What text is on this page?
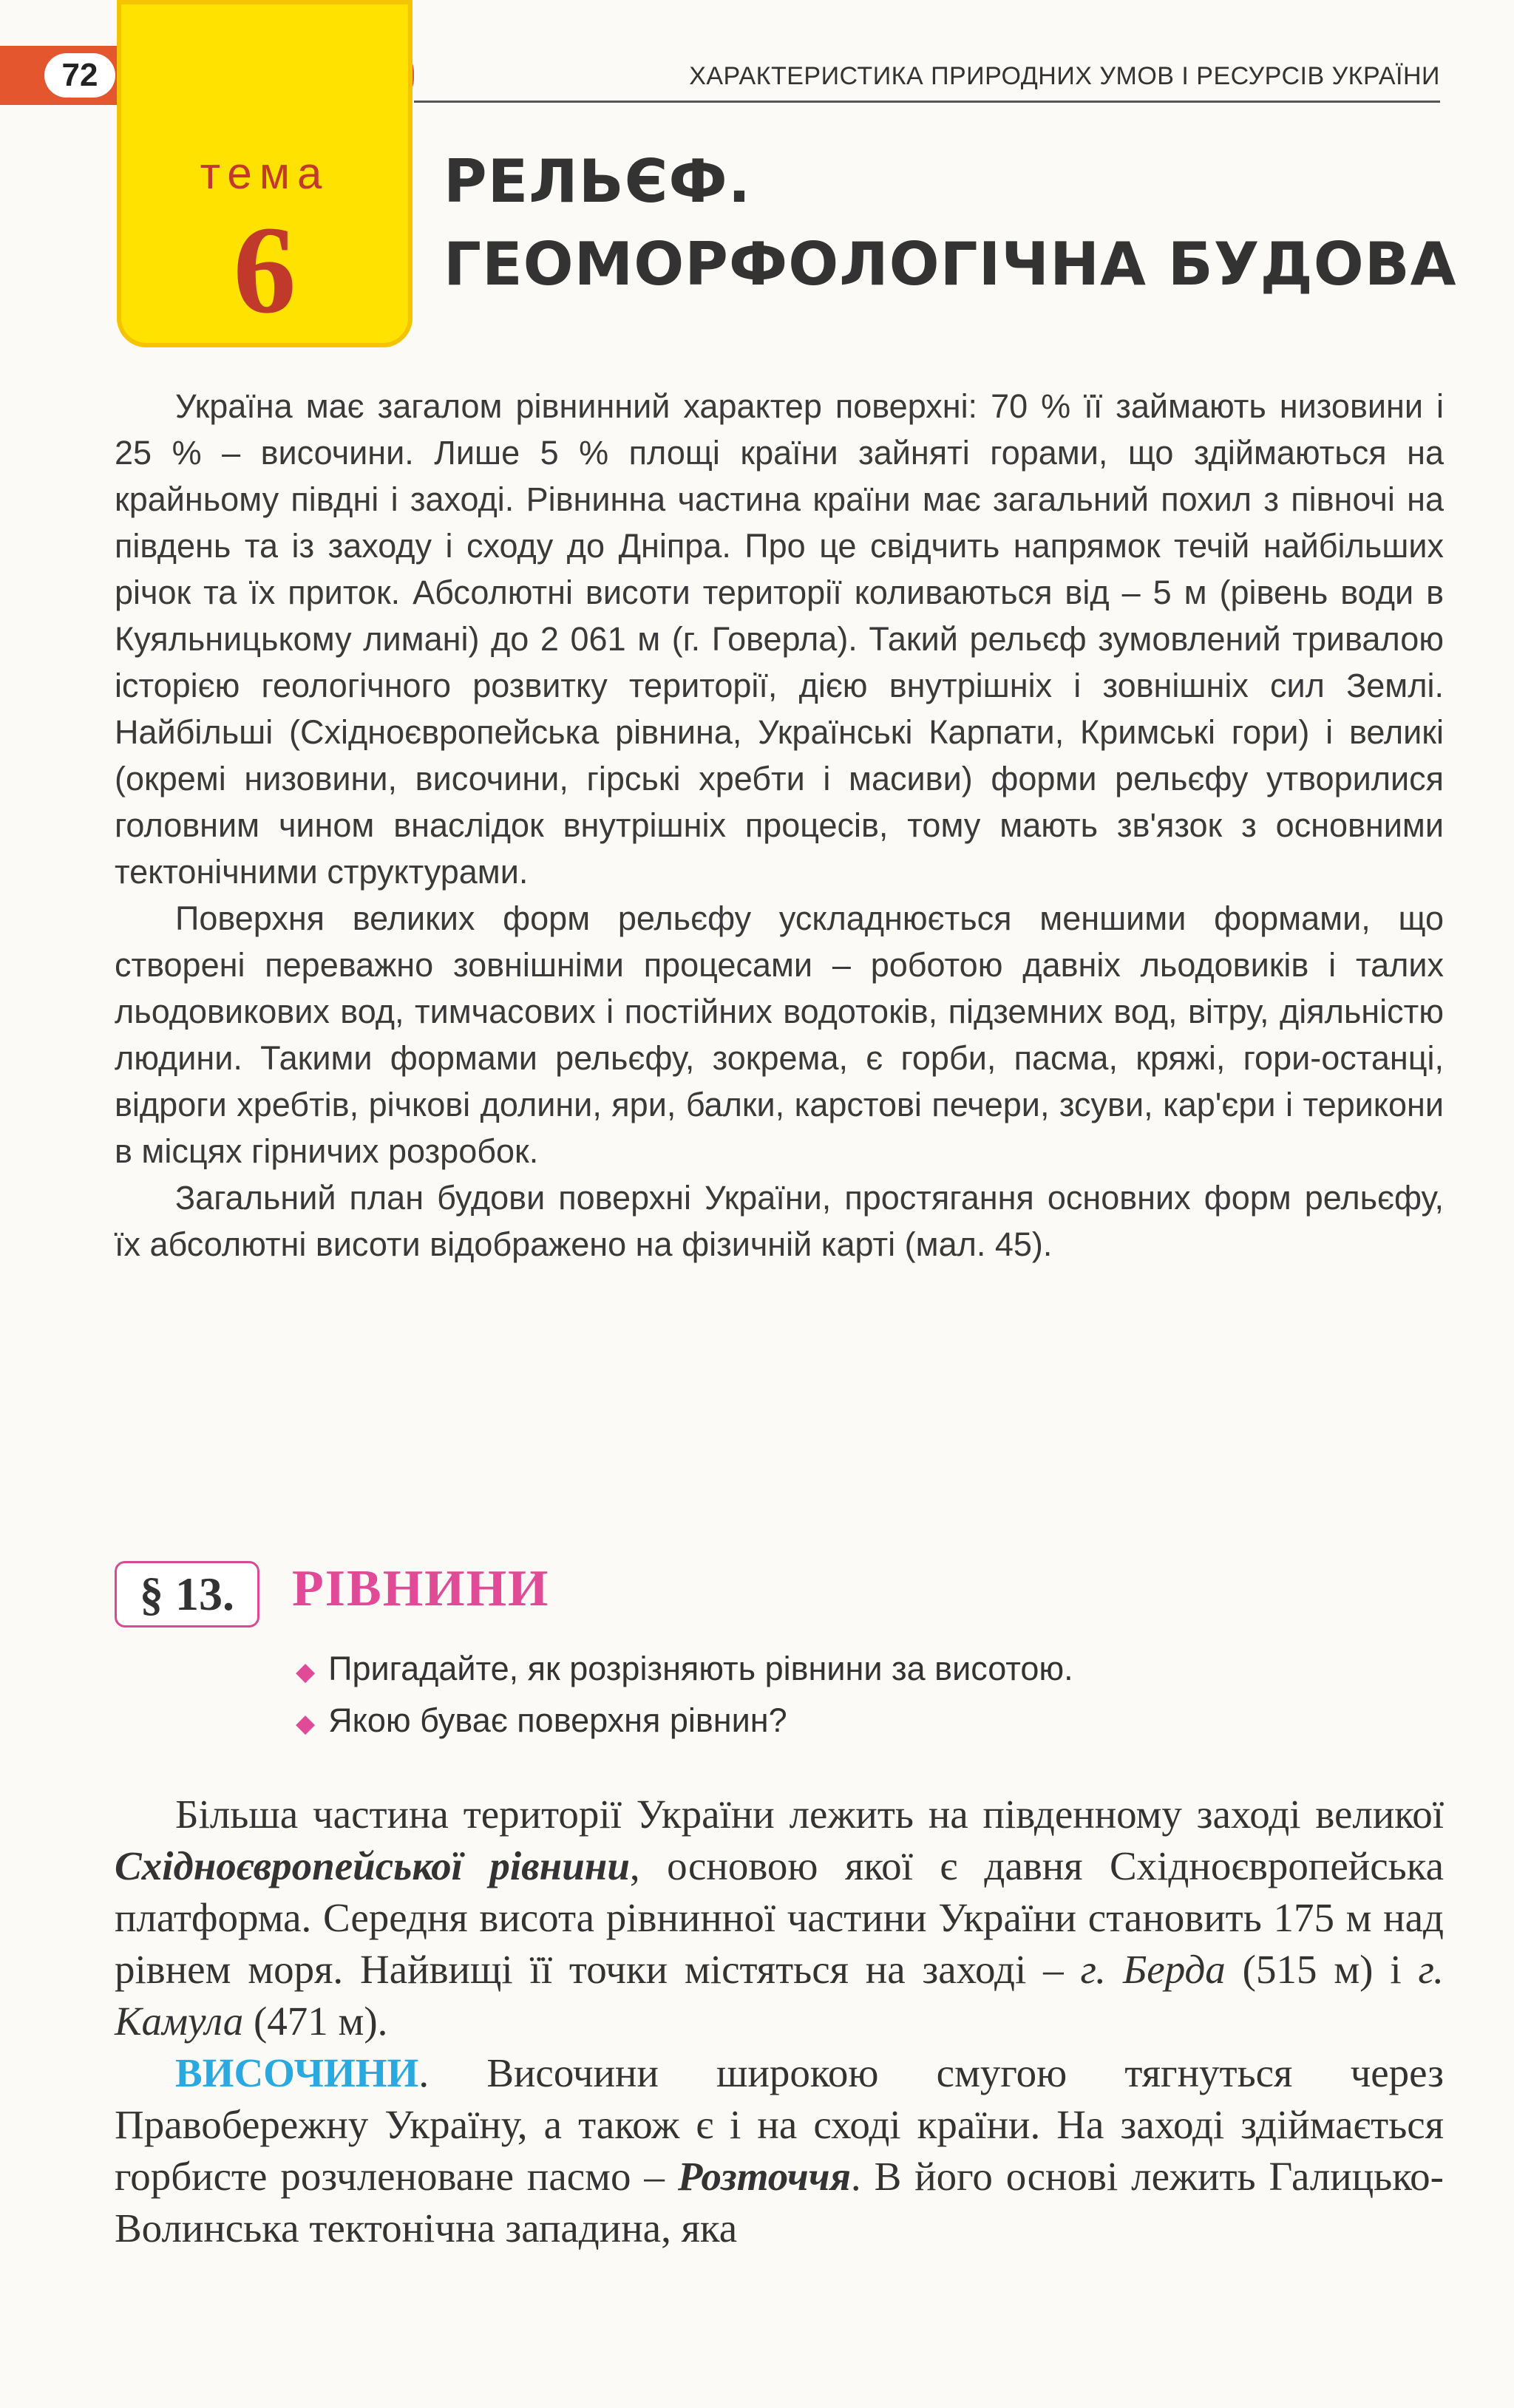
72	ХАРАКТЕРИСТИКА ПРИРОДНИХ УМОВ І РЕСУРСІВ УКРАЇНИ
тема
6
РЕЛЬЄФ.
ГЕОМОРФОЛОГІЧНА БУДОВА

Україна має загалом рівнинний характер поверхні: 70 % її займають низовини і 25 % – височини. Лише 5 % площі країни зайняті горами, що здіймаються на крайньому півдні і заході. Рівнинна частина країни має загальний похил з півночі на південь та із заходу і сходу до Дніпра. Про це свідчить напрямок течій найбільших річок та їх приток. Абсолютні висоти території коливаються від – 5 м (рівень води в Куяльницькому лимані) до 2 061 м (г. Говерла). Такий рельєф зумовлений тривалою історією геологічного розвитку території, дією внутрішніх і зовнішніх сил Землі. Найбільші (Східноєвропейська рівнина, Українські Карпати, Кримські гори) і великі (окремі низовини, височини, гірські хребти і масиви) форми рельєфу утворилися головним чином внаслідок внутрішніх процесів, тому мають зв'язок з основними тектонічними структурами.

Поверхня великих форм рельєфу ускладнюється меншими формами, що створені переважно зовнішніми процесами – роботою давніх льодовиків і талих льодовикових вод, тимчасових і постійних водотоків, підземних вод, вітру, діяльністю людини. Такими формами рельєфу, зокрема, є горби, пасма, кряжі, гори-останці, відроги хребтів, річкові долини, яри, балки, карстові печери, зсуви, кар'єри і терикони в місцях гірничих розробок.

Загальний план будови поверхні України, простягання основних форм рельєфу, їх абсолютні висоти відображено на фізичній карті (мал. 45).

§ 13.	РІВНИНИ
◆ Пригадайте, як розрізняють рівнини за висотою.
◆ Якою буває поверхня рівнин?

Більша частина території України лежить на південному заході великої Східноєвропейської рівнини, основою якої є давня Східноєвропейська платформа. Середня висота рівнинної частини України становить 175 м над рівнем моря. Найвищі її точки містяться на заході – г. Берда (515 м) і г. Камула (471 м).

ВИСОЧИНИ. Височини широкою смугою тягнуться через Правобережну Україну, а також є і на сході країни. На заході здіймається горбисте розчленоване пасмо – Розточчя. В його основі лежить Галицько-Волинська тектонічна западина, яка
